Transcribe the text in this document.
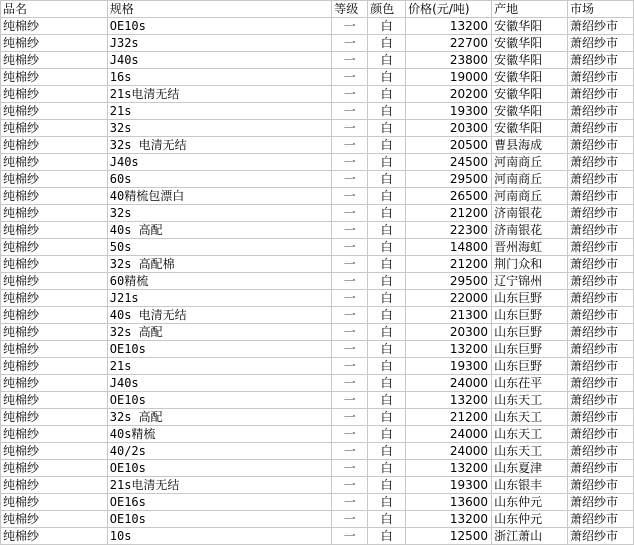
品名	规格	等级	颜色	价格(元/吨)	产地	市场
纯棉纱	OE10s	一	白	13200	安徽华阳	萧绍纱市
纯棉纱	J32s	一	白	22700	安徽华阳	萧绍纱市
纯棉纱	J40s	一	白	23800	安徽华阳	萧绍纱市
纯棉纱	16s	一	白	19000	安徽华阳	萧绍纱市
纯棉纱	21s电清无结	一	白	20200	安徽华阳	萧绍纱市
纯棉纱	21s	一	白	19300	安徽华阳	萧绍纱市
纯棉纱	32s	一	白	20300	安徽华阳	萧绍纱市
纯棉纱	32s 电清无结	一	白	20500	曹县海成	萧绍纱市
纯棉纱	J40s	一	白	24500	河南商丘	萧绍纱市
纯棉纱	60s	一	白	29500	河南商丘	萧绍纱市
纯棉纱	40精梳包漂白	一	白	26500	河南商丘	萧绍纱市
纯棉纱	32s	一	白	21200	济南银花	萧绍纱市
纯棉纱	40s 高配	一	白	22300	济南银花	萧绍纱市
纯棉纱	50s	一	白	14800	晋州海虹	萧绍纱市
纯棉纱	32s 高配棉	一	白	21200	荆门众和	萧绍纱市
纯棉纱	60精梳	一	白	29500	辽宁锦州	萧绍纱市
纯棉纱	J21s	一	白	22000	山东巨野	萧绍纱市
纯棉纱	40s 电清无结	一	白	21300	山东巨野	萧绍纱市
纯棉纱	32s 高配	一	白	20300	山东巨野	萧绍纱市
纯棉纱	OE10s	一	白	13200	山东巨野	萧绍纱市
纯棉纱	21s	一	白	19300	山东巨野	萧绍纱市
纯棉纱	J40s	一	白	24000	山东茌平	萧绍纱市
纯棉纱	OE10s	一	白	13200	山东天工	萧绍纱市
纯棉纱	32s 高配	一	白	21200	山东天工	萧绍纱市
纯棉纱	40s精梳	一	白	24000	山东天工	萧绍纱市
纯棉纱	40/2s	一	白	24000	山东天工	萧绍纱市
纯棉纱	OE10s	一	白	13200	山东夏津	萧绍纱市
纯棉纱	21s电清无结	一	白	19300	山东银丰	萧绍纱市
纯棉纱	OE16s	一	白	13600	山东仲元	萧绍纱市
纯棉纱	OE10s	一	白	13200	山东仲元	萧绍纱市
纯棉纱	10s	一	白	12500	浙江萧山	萧绍纱市
